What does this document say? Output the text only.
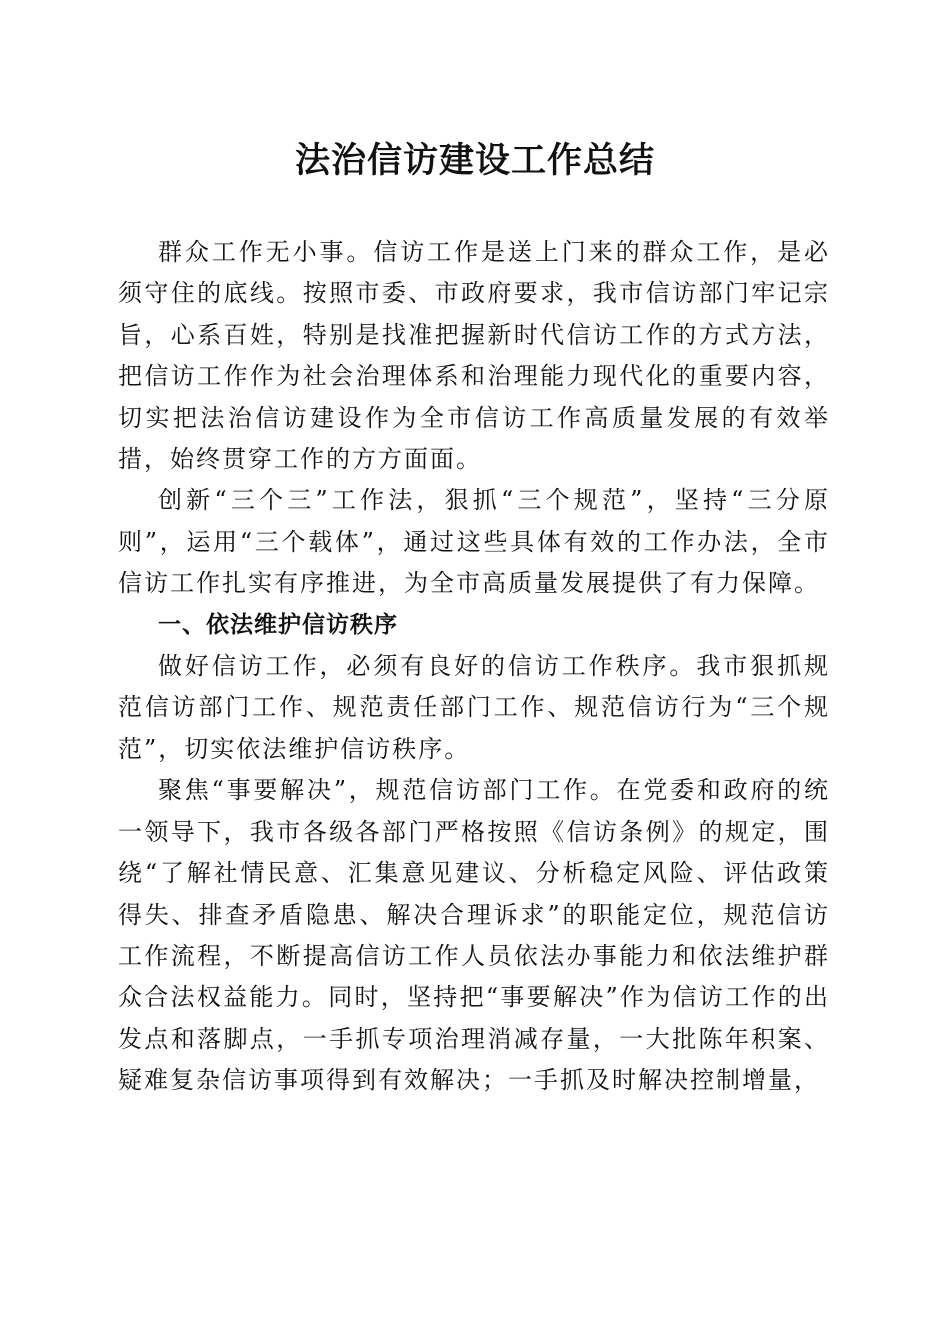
法治信访建设工作总结

群众工作无小事。信访工作是送上门来的群众工作，是必须守住的底线。按照市委、市政府要求，我市信访部门牢记宗旨，心系百姓，特别是找准把握新时代信访工作的方式方法，把信访工作作为社会治理体系和治理能力现代化的重要内容，切实把法治信访建设作为全市信访工作高质量发展的有效举措，始终贯穿工作的方方面面。

创新“三个三”工作法，狠抓“三个规范”，坚持“三分原则”，运用“三个载体”，通过这些具体有效的工作办法，全市信访工作扎实有序推进，为全市高质量发展提供了有力保障。

一、依法维护信访秩序

做好信访工作，必须有良好的信访工作秩序。我市狠抓规范信访部门工作、规范责任部门工作、规范信访行为“三个规范”，切实依法维护信访秩序。

聚焦“事要解决”，规范信访部门工作。在党委和政府的统一领导下，我市各级各部门严格按照《信访条例》的规定，围绕“了解社情民意、汇集意见建议、分析稳定风险、评估政策得失、排查矛盾隐患、解决合理诉求”的职能定位，规范信访工作流程，不断提高信访工作人员依法办事能力和依法维护群众合法权益能力。同时，坚持把“事要解决”作为信访工作的出发点和落脚点，一手抓专项治理消减存量，一大批陈年积案、疑难复杂信访事项得到有效解决；一手抓及时解决控制增量，
